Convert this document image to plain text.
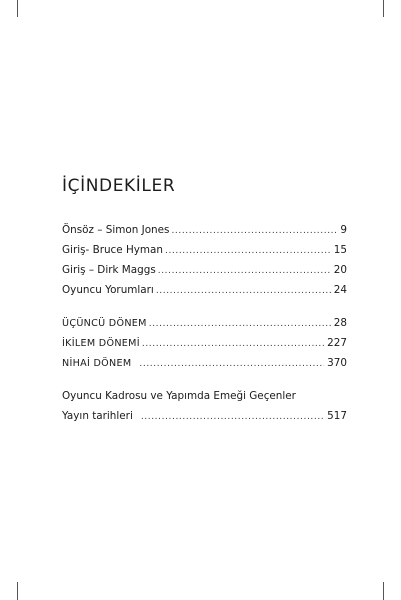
İÇİNDEKİLER
Önsöz – Simon Jones .....	9
Giriş- Bruce Hyman .....	15
Giriş – Dirk Maggs .....	20
Oyuncu Yorumları .....	24
ÜÇÜNCÜ DÖNEM .....	28
İKİLEM DÖNEMİ .....	227
NİHAİ DÖNEM .....	370
Oyuncu Kadrosu ve Yapımda Emeği Geçenler
Yayın tarihleri .....	517
